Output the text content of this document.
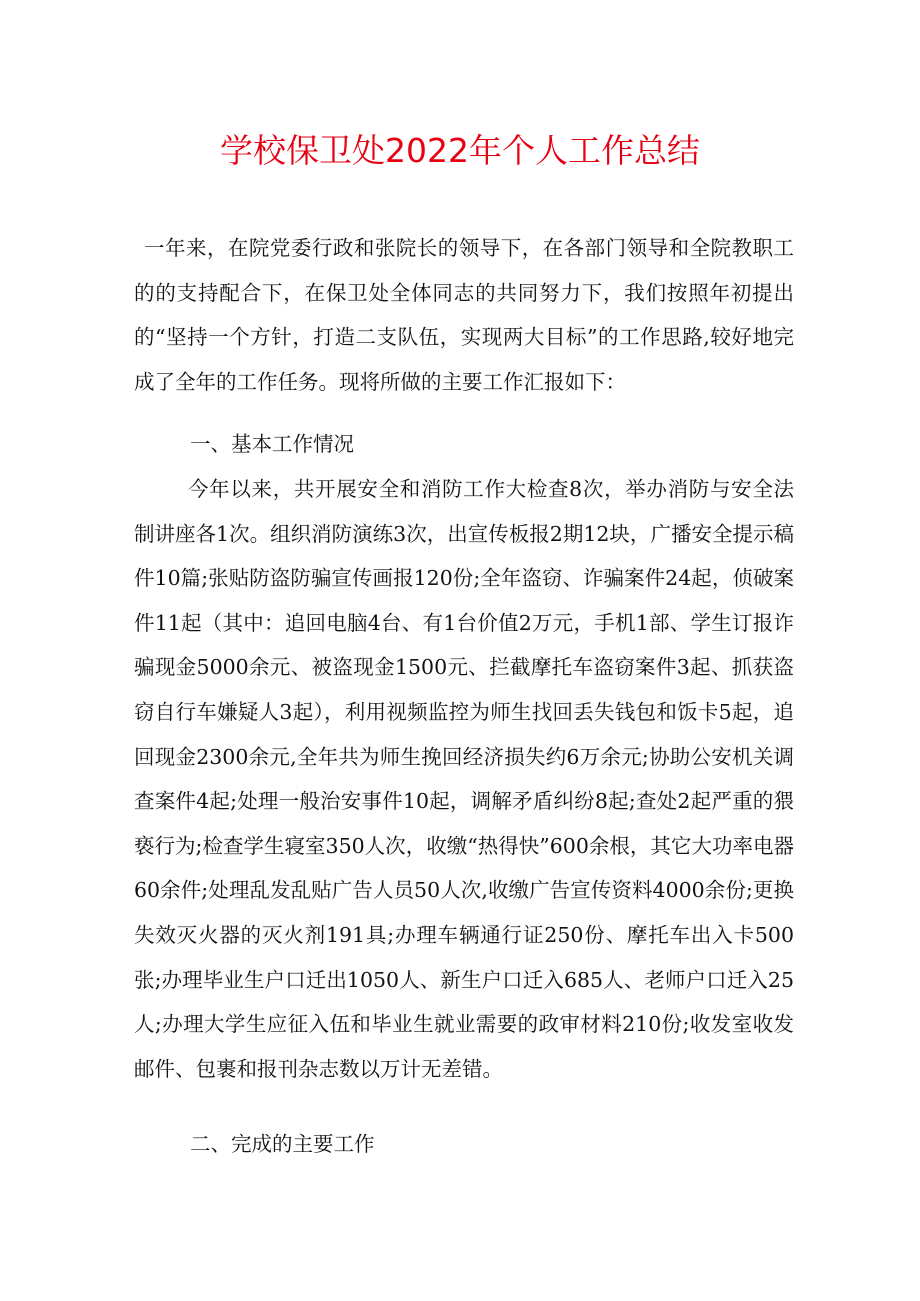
学校保卫处2022年个人工作总结

一年来，在院党委行政和张院长的领导下，在各部门领导和全院教职工的的支持配合下，在保卫处全体同志的共同努力下，我们按照年初提出的“坚持一个方针，打造二支队伍，实现两大目标”的工作思路,较好地完成了全年的工作任务。现将所做的主要工作汇报如下：

一、基本工作情况

今年以来，共开展安全和消防工作大检查8次，举办消防与安全法制讲座各1次。组织消防演练3次，出宣传板报2期12块，广播安全提示稿件10篇;张贴防盗防骗宣传画报120份;全年盗窃、诈骗案件24起，侦破案件11起（其中：追回电脑4台、有1台价值2万元，手机1部、学生订报诈骗现金5000余元、被盗现金1500元、拦截摩托车盗窃案件3起、抓获盗窃自行车嫌疑人3起），利用视频监控为师生找回丢失钱包和饭卡5起，追回现金2300余元,全年共为师生挽回经济损失约6万余元;协助公安机关调查案件4起;处理一般治安事件10起，调解矛盾纠纷8起;查处2起严重的猥亵行为;检查学生寝室350人次，收缴“热得快”600余根，其它大功率电器60余件;处理乱发乱贴广告人员50人次,收缴广告宣传资料4000余份;更换失效灭火器的灭火剂191具;办理车辆通行证250份、摩托车出入卡500张;办理毕业生户口迁出1050人、新生户口迁入685人、老师户口迁入25人;办理大学生应征入伍和毕业生就业需要的政审材料210份;收发室收发邮件、包裹和报刊杂志数以万计无差错。

二、完成的主要工作
